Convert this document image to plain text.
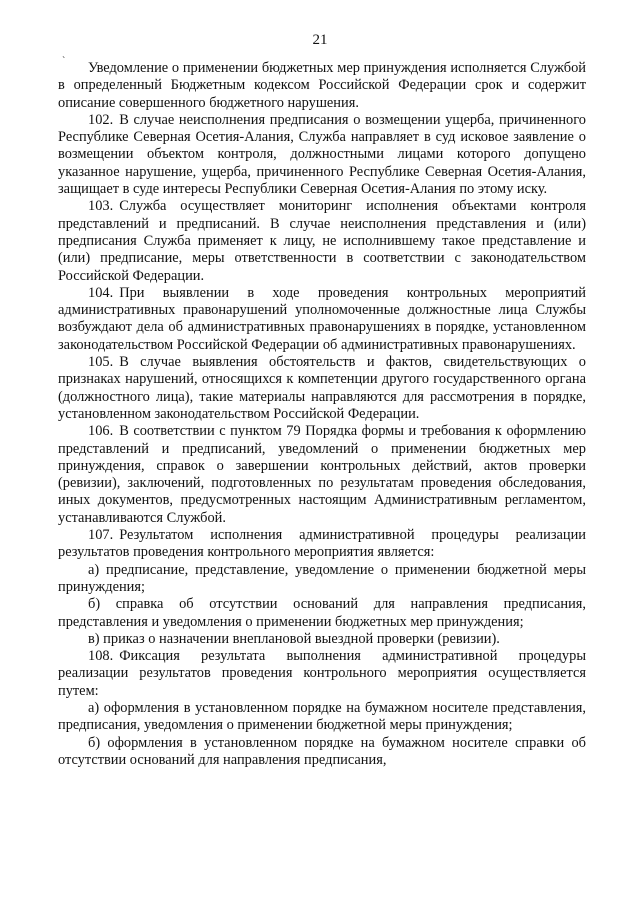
21
`	Уведомление о применении бюджетных мер принуждения исполняется Службой в определенный Бюджетным кодексом Российской Федерации срок и содержит описание совершенного бюджетного нарушения.

102. В случае неисполнения предписания о возмещении ущерба, причиненного Республике Северная Осетия-Алания, Служба направляет в суд исковое заявление о возмещении объектом контроля, должностными лицами которого допущено указанное нарушение, ущерба, причиненного Республике Северная Осетия-Алания, защищает в суде интересы Республики Северная Осетия-Алания по этому иску.

103. Служба осуществляет мониторинг исполнения объектами контроля представлений и предписаний. В случае неисполнения представления и (или) предписания Служба применяет к лицу, не исполнившему такое представление и (или) предписание, меры ответственности в соответствии с законодательством Российской Федерации.

104. При выявлении в ходе проведения контрольных мероприятий административных правонарушений уполномоченные должностные лица Службы возбуждают дела об административных правонарушениях в порядке, установленном законодательством Российской Федерации об административных правонарушениях.

105. В случае выявления обстоятельств и фактов, свидетельствующих о признаках нарушений, относящихся к компетенции другого государственного органа (должностного лица), такие материалы направляются для рассмотрения в порядке, установленном законодательством Российской Федерации.

106. В соответствии с пунктом 79 Порядка формы и требования к оформлению представлений и предписаний, уведомлений о применении бюджетных мер принуждения, справок о завершении контрольных действий, актов проверки (ревизии), заключений, подготовленных по результатам проведения обследования, иных документов, предусмотренных настоящим Административным регламентом, устанавливаются Службой.

107. Результатом исполнения административной процедуры реализации результатов проведения контрольного мероприятия является:

а) предписание, представление, уведомление о применении бюджетной меры принуждения;

б) справка об отсутствии оснований для направления предписания, представления и уведомления о применении бюджетных мер принуждения;

в) приказ о назначении внеплановой выездной проверки (ревизии).

108. Фиксация результата выполнения административной процедуры реализации результатов проведения контрольного мероприятия осуществляется путем:

а) оформления в установленном порядке на бумажном носителе представления, предписания, уведомления о применении бюджетной меры принуждения;

б) оформления в установленном порядке на бумажном носителе справки об отсутствии оснований для направления предписания,
